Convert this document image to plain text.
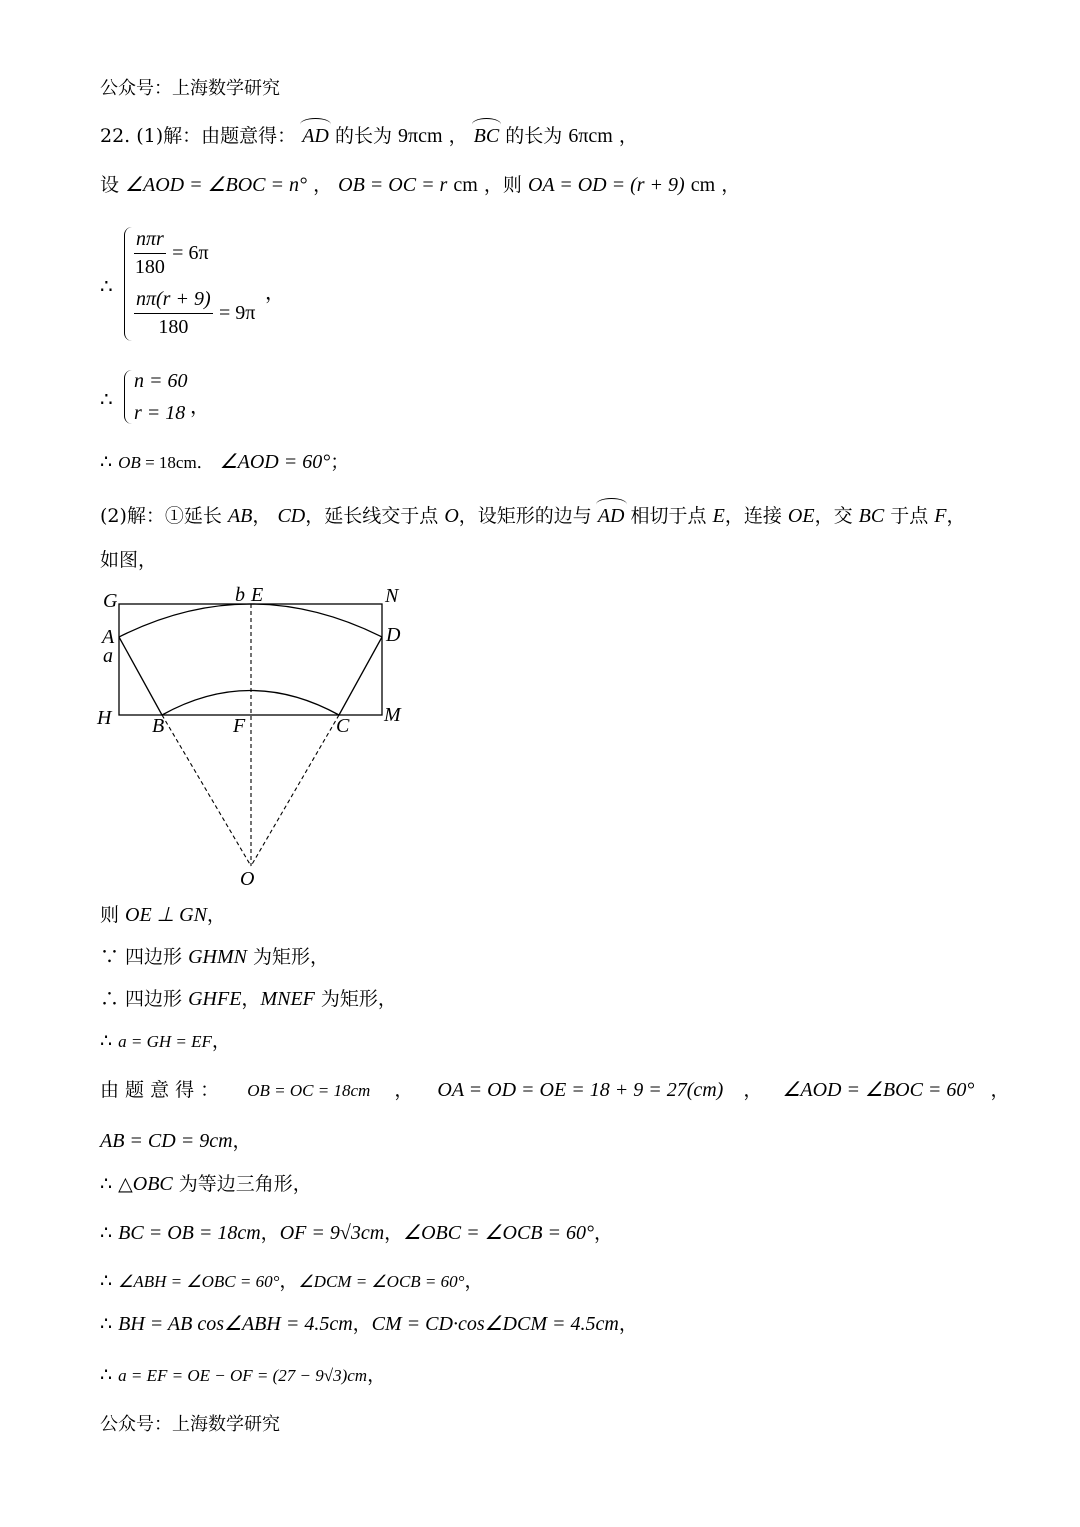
公众号：上海数学研究
22. (1)解：由题意得： AD 的长为 9πcm ， BC 的长为 6πcm ，
设 ∠AOD = ∠BOC = n° ， OB = OC = r cm ，则 OA = OD = (r + 9) cm ，
∴
$\frac{\text{nπr}}{180} = 6\pi$
$\frac{n\pi(r + 9)}{180} = 9\pi$
，
∴
n = 60
r = 18 ，
∴ OB = 18cm． ∠AOD = 60°；
(2)解：①延长 AB， CD，延长线交于点 O，设矩形的边与 AD 相切于点 E，连接 OE，交 BC 于点 F，
如图，
G	b E	N
A	D
a
H B	F	C M
O
则 OE ⊥ GN，
∵ 四边形 GHMN 为矩形，
∴ 四边形 GHFE，MNEF 为矩形，
∴ a = GH = EF，
由 题 意 得 ： OB = OC = 18cm ， OA = OD = OE = 18 + 9 = 27(cm) ， ∠AOD = ∠BOC = 60° ，
AB = CD = 9cm，
∴ △OBC 为等边三角形，
∴ BC = OB = 18cm，OF = 9√3cm，∠OBC = ∠OCB = 60°，
∴ ∠ABH = ∠OBC = 60°，∠DCM = ∠OCB = 60°，
∴ BH = AB cos∠ABH = 4.5cm，CM = CD·cos∠DCM = 4.5cm，
∴ a = EF = OE − OF = (27 − 9√3)cm，
公众号：上海数学研究
